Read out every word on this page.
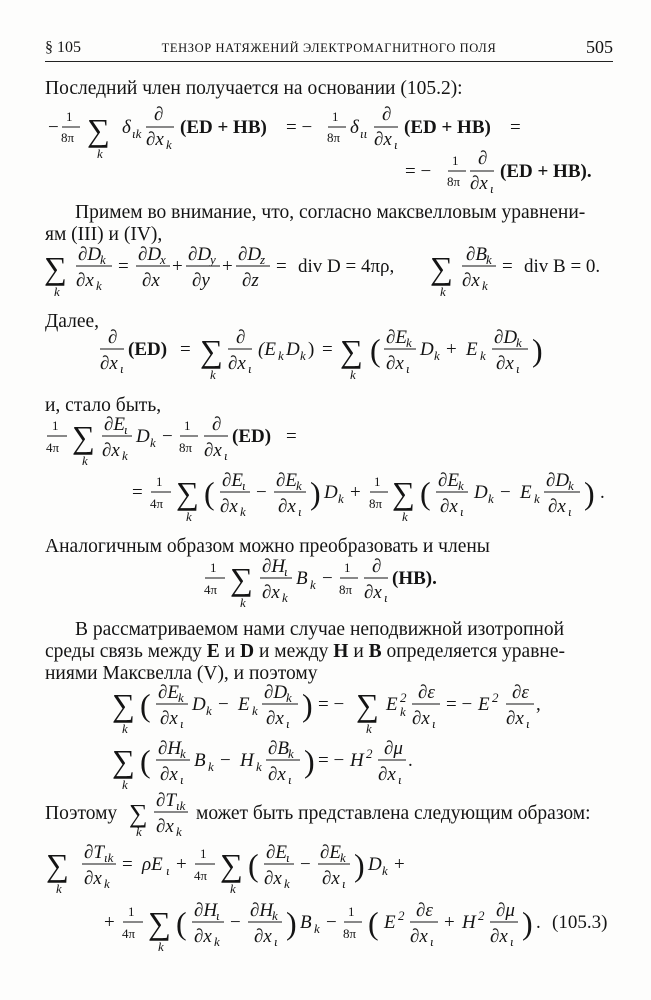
§ 105	ТЕНЗОР НАТЯЖЕНИЙ ЭЛЕКТРОМАГНИТНОГО ПОЛЯ	505
Последний член получается на основании (105.2):
−
1
8π ∑
k
δ ιk
∂
∂x k
(ED + HB) = −
1
8π δ ιι
∂
∂x ι
(ED + HB) =
= −
1
8π
∂
∂x ι
(ED + HB).
Примем во внимание, что, согласно максвелловым уравнени-
ям (III) и (IV),
∑
k
∂D
k
∂x k
=
∂D
x
∂x
+
∂D
y
∂y
+
∂D
z
∂z
= div D = 4πρ, ∑
k
∂B k
∂x k
= div B = 0.
Далее,
∂
∂x ι
(ED) = ∑
k
∂
∂x ι
(E k D k ) = ∑
k
( ∂E k
∂x ι
D k + E k
∂D
k
∂x ι
)
и, стало быть,
1
4π ∑
k
∂E ι
∂x k
D k −
1
8π
∂
∂x ι
(ED) =
=
1
4π ∑
k
( ∂E ι
∂x k
−
∂E k
∂x ι
) D k +
1
8π ∑
k
( ∂E k
∂x ι
D k − E k
∂D
k
∂x ι
) .
Аналогичным образом можно преобразовать и члены
1
4π ∑
k
∂H
ι
∂x k
B k −
1
8π
∂
∂x ι
(HB).
В рассматриваемом нами случае неподвижной изотропной
среды связь между E и D и между H и B определяется уравне-
ниями Максвелла (V), и поэтому
∑
k
( ∂E k
∂x ι
D k − E k
∂D
k
∂x ι
) = − ∑
k
E 2
k
∂ε
∂x ι
= − E 2 ∂ε
∂x ι
,
∑
k
( ∂H
k
∂x ι
B k − H k
∂B k
∂x ι
) = − H 2 ∂μ
∂x ι
.
Поэтому ∑
k
∂T ιk
∂x k
может быть представлена следующим образом:
∑
k
∂T ιk
∂x k
= ρE ι +
1
4π ∑
k
( ∂E ι
∂x k
−
∂E k
∂x ι
) D k +
+
1
4π ∑
k
( ∂H
ι
∂x k
−
∂H
k
∂x ι
) B k −
1
8π ( E 2 ∂ε
∂x ι
+ H 2 ∂μ
∂x ι
) . (105.3)
